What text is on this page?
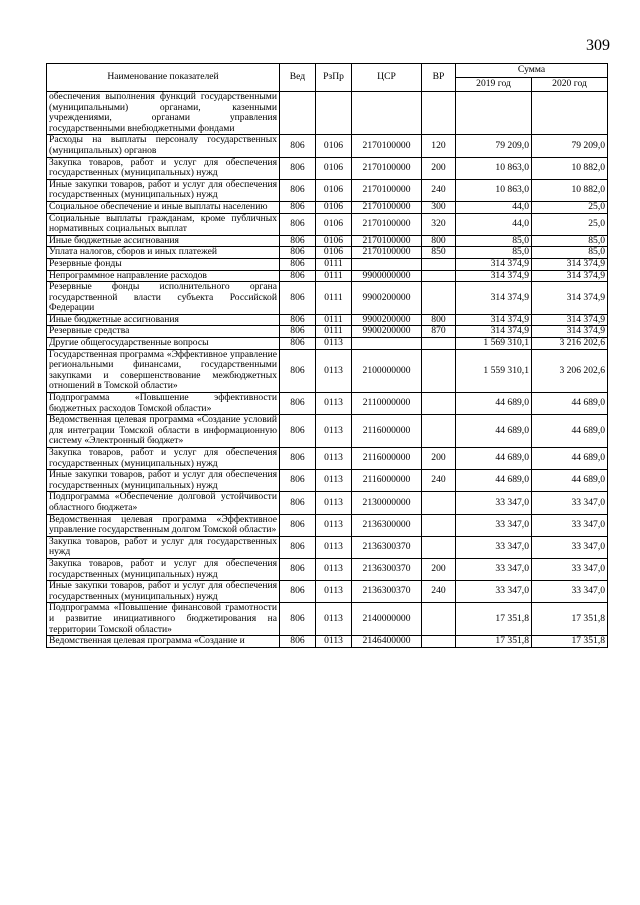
309
Наименование показателей	Вед	РзПр	ЦСР	ВР	Сумма	
					2019 год	2020 год
обеспечения выполнения функций государственными (муниципальными) органами, казенными учреждениями, органами управления государственными внебюджетными фондами						
Расходы на выплаты персоналу государственных (муниципальных) органов	806	0106	2170100000	120	79 209,0	79 209,0
Закупка товаров, работ и услуг для обеспечения государственных (муниципальных) нужд	806	0106	2170100000	200	10 863,0	10 882,0
Иные закупки товаров, работ и услуг для обеспечения государственных (муниципальных) нужд	806	0106	2170100000	240	10 863,0	10 882,0
Социальное обеспечение и иные выплаты населению	806	0106	2170100000	300	44,0	25,0
Социальные выплаты гражданам, кроме публичных нормативных социальных выплат	806	0106	2170100000	320	44,0	25,0
Иные бюджетные ассигнования	806	0106	2170100000	800	85,0	85,0
Уплата налогов, сборов и иных платежей	806	0106	2170100000	850	85,0	85,0
Резервные фонды	806	0111			314 374,9	314 374,9
Непрограммное направление расходов	806	0111	9900000000		314 374,9	314 374,9
Резервные фонды исполнительного органа государственной власти субъекта Российской Федерации	806	0111	9900200000		314 374,9	314 374,9
Иные бюджетные ассигнования	806	0111	9900200000	800	314 374,9	314 374,9
Резервные средства	806	0111	9900200000	870	314 374,9	314 374,9
Другие общегосударственные вопросы	806	0113			1 569 310,1	3 216 202,6
Государственная программа «Эффективное управление региональными финансами, государственными закупками и совершенствование межбюджетных отношений в Томской области»	806	0113	2100000000		1 559 310,1	3 206 202,6
Подпрограмма «Повышение эффективности бюджетных расходов Томской области»	806	0113	2110000000		44 689,0	44 689,0
Ведомственная целевая программа «Создание условий для интеграции Томской области в информационную систему «Электронный бюджет»	806	0113	2116000000		44 689,0	44 689,0
Закупка товаров, работ и услуг для обеспечения государственных (муниципальных) нужд	806	0113	2116000000	200	44 689,0	44 689,0
Иные закупки товаров, работ и услуг для обеспечения государственных (муниципальных) нужд	806	0113	2116000000	240	44 689,0	44 689,0
Подпрограмма «Обеспечение долговой устойчивости областного бюджета»	806	0113	2130000000		33 347,0	33 347,0
Ведомственная целевая программа «Эффективное управление государственным долгом Томской области»	806	0113	2136300000		33 347,0	33 347,0
Закупка товаров, работ и услуг для государственных нужд	806	0113	2136300370		33 347,0	33 347,0
Закупка товаров, работ и услуг для обеспечения государственных (муниципальных) нужд	806	0113	2136300370	200	33 347,0	33 347,0
Иные закупки товаров, работ и услуг для обеспечения государственных (муниципальных) нужд	806	0113	2136300370	240	33 347,0	33 347,0
Подпрограмма «Повышение финансовой грамотности и развитие инициативного бюджетирования на территории Томской области»	806	0113	2140000000		17 351,8	17 351,8
Ведомственная целевая программа «Создание и	806	0113	2146400000		17 351,8	17 351,8
